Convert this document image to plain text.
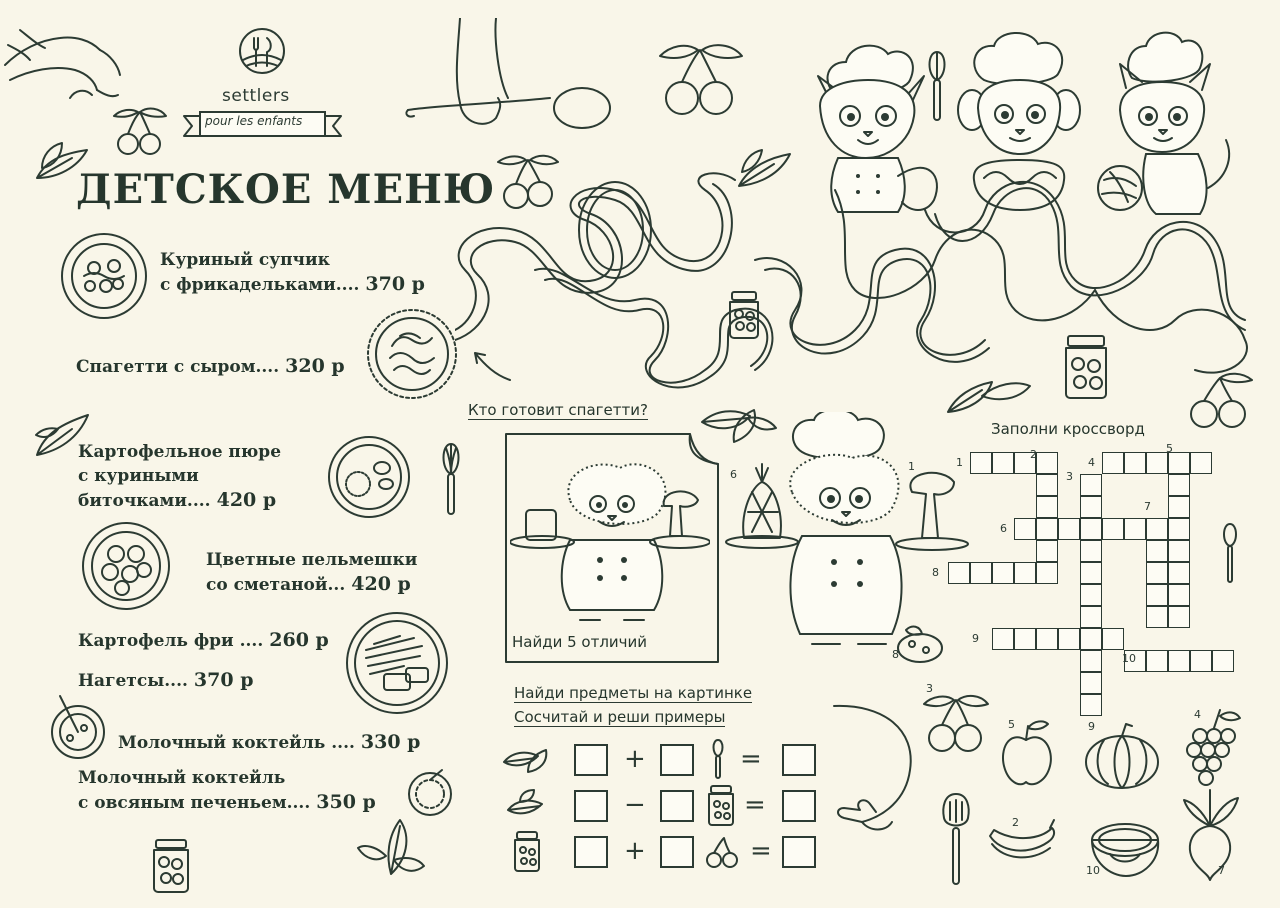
settlers
pour les enfants
ДЕТСКОЕ МЕНЮ
Куриный супчик
с фрикадельками.... 370 р
Спагетти с сыром.... 320 р
Картофельное пюре
с куриными
биточками.... 420 р
Цветные пельмешки
со сметаной... 420 р
Картофель фри .... 260 р
Нагетсы.... 370 р
Молочный коктейль .... 330 р
Молочный коктейль
с овсяным печеньем.... 350 р
Кто готовит спагетти?
Найди 5 отличий
6
1
8
Заполни кроссворд
1
2
3
4
5
6
7
8
9
10
Найди предметы на картинке
Сосчитай и реши примеры
+	=
−	=
+	=
3
5	9
4
2
10	7
